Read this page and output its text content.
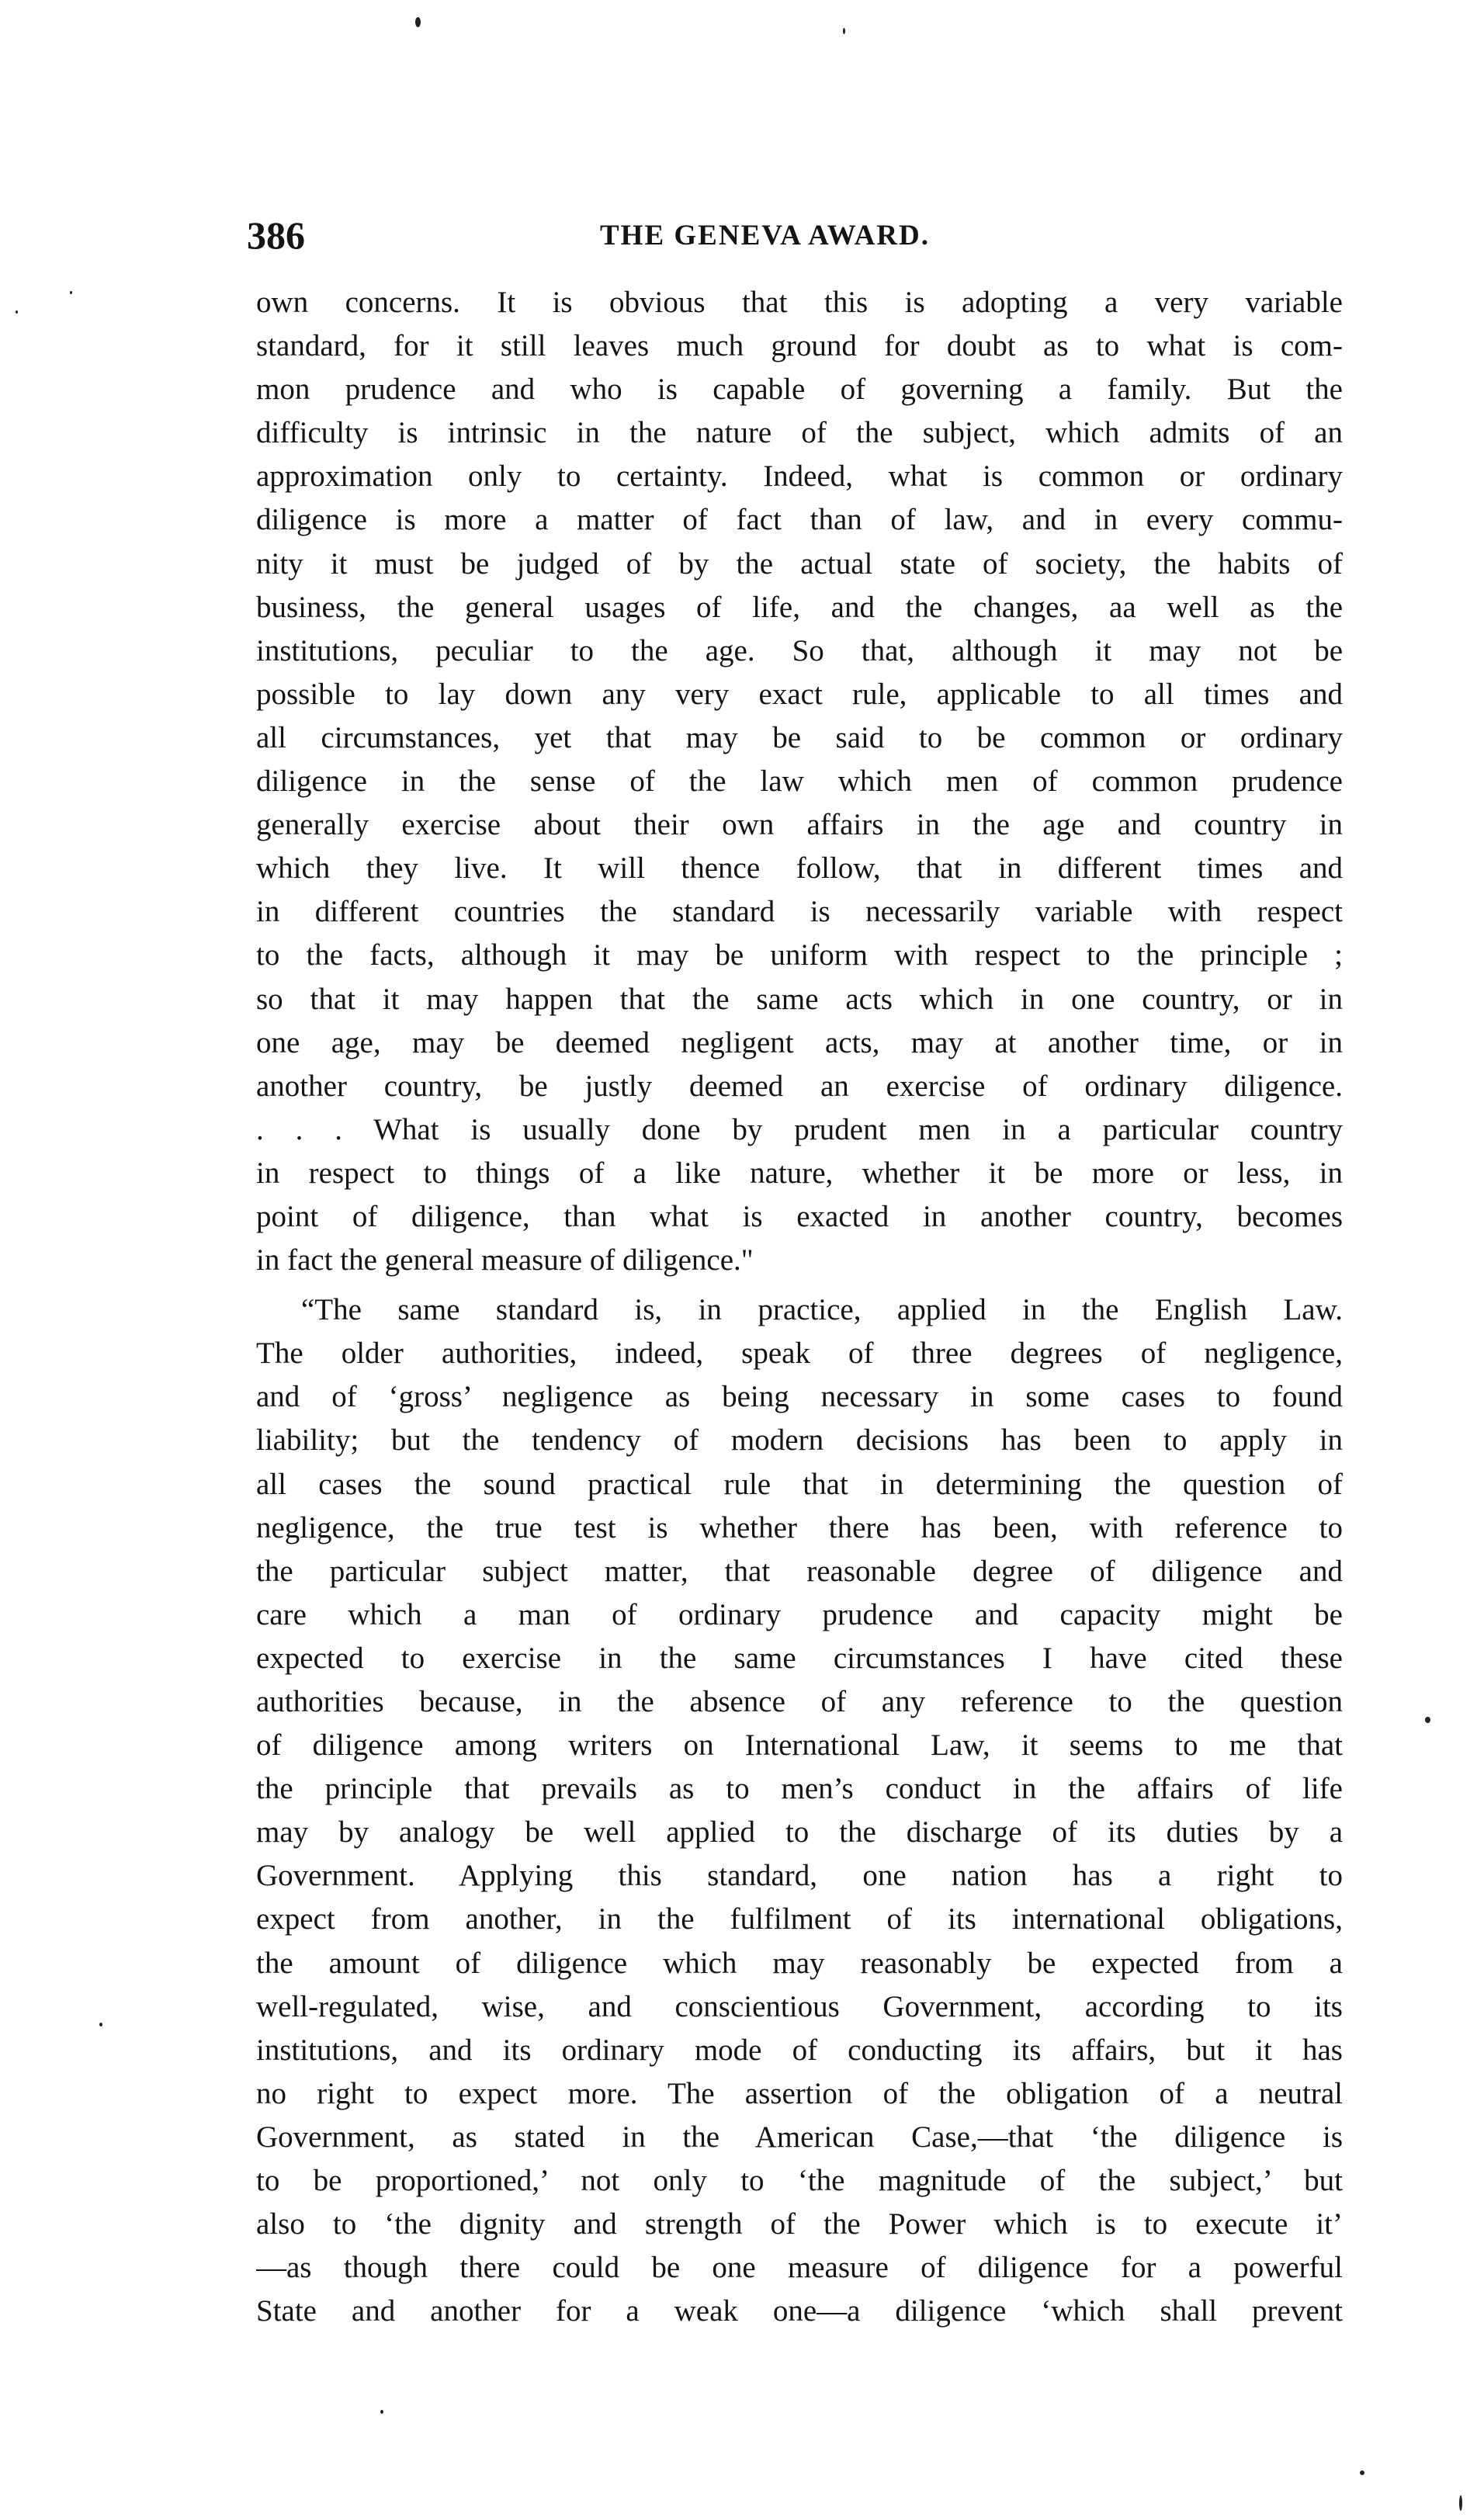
386	THE GENEVA AWARD.
own concerns. It is obvious that this is adopting a very variable
standard, for it still leaves much ground for doubt as to what is com-
mon prudence and who is capable of governing a family. But the
difficulty is intrinsic in the nature of the subject, which admits of an
approximation only to certainty. Indeed, what is common or ordinary
diligence is more a matter of fact than of law, and in every commu-
nity it must be judged of by the actual state of society, the habits of
business, the general usages of life, and the changes, aa well as the
institutions, peculiar to the age. So that, although it may not be
possible to lay down any very exact rule, applicable to all times and
all circumstances, yet that may be said to be common or ordinary
diligence in the sense of the law which men of common prudence
generally exercise about their own affairs in the age and country in
which they live. It will thence follow, that in different times and
in different countries the standard is necessarily variable with respect
to the facts, although it may be uniform with respect to the principle ;
so that it may happen that the same acts which in one country, or in
one age, may be deemed negligent acts, may at another time, or in
another country, be justly deemed an exercise of ordinary diligence.
. . . What is usually done by prudent men in a particular country
in respect to things of a like nature, whether it be more or less, in
point of diligence, than what is exacted in another country, becomes
in fact the general measure of diligence."
“The same standard is, in practice, applied in the English Law.
The older authorities, indeed, speak of three degrees of negligence,
and of ‘gross’ negligence as being necessary in some cases to found
liability; but the tendency of modern decisions has been to apply in
all cases the sound practical rule that in determining the question of
negligence, the true test is whether there has been, with reference to
the particular subject matter, that reasonable degree of diligence and
care which a man of ordinary prudence and capacity might be
expected to exercise in the same circumstances I have cited these
authorities because, in the absence of any reference to the question
of diligence among writers on International Law, it seems to me that
the principle that prevails as to men’s conduct in the affairs of life
may by analogy be well applied to the discharge of its duties by a
Government. Applying this standard, one nation has a right to
expect from another, in the fulfilment of its international obligations,
the amount of diligence which may reasonably be expected from a
well-regulated, wise, and conscientious Government, according to its
institutions, and its ordinary mode of conducting its affairs, but it has
no right to expect more. The assertion of the obligation of a neutral
Government, as stated in the American Case,—that ‘the diligence is
to be proportioned,’ not only to ‘the magnitude of the subject,’ but
also to ‘the dignity and strength of the Power which is to execute it’
—as though there could be one measure of diligence for a powerful
State and another for a weak one—a diligence ‘which shall prevent
